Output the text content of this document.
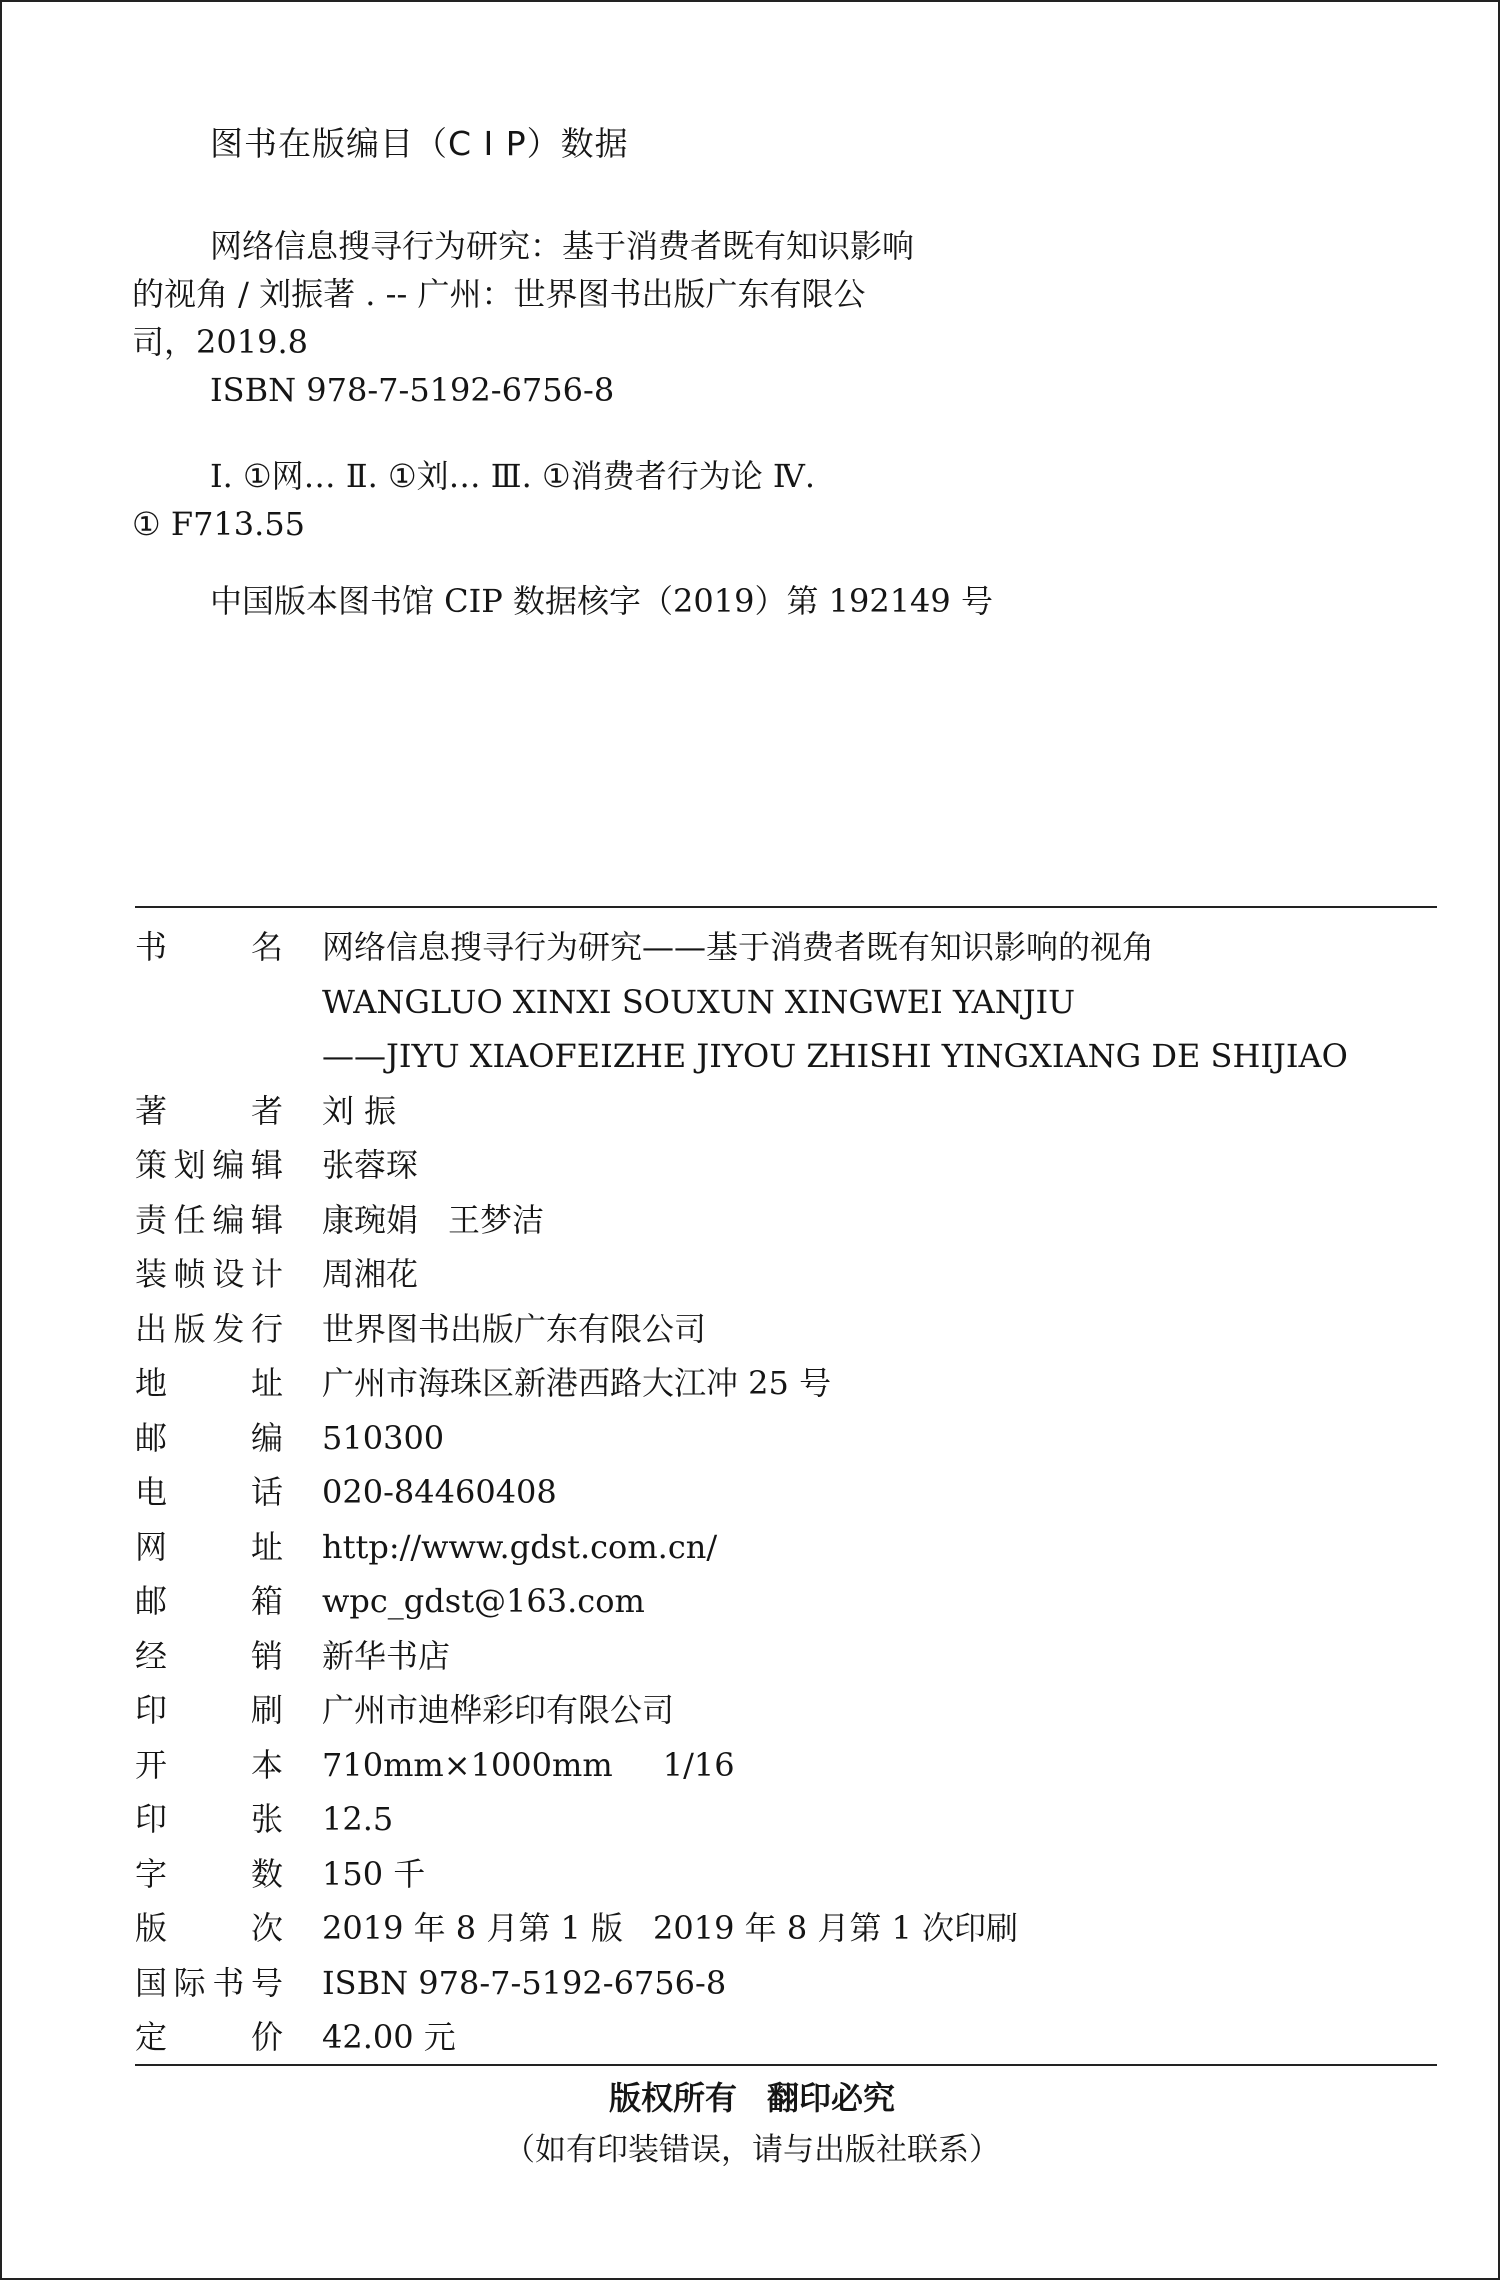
图书在版编目（C I P）数据
网络信息搜寻行为研究：基于消费者既有知识影响
的视角 / 刘振著 . -- 广州：世界图书出版广东有限公
司，2019.8
ISBN 978-7-5192-6756-8
Ⅰ. ①网… Ⅱ. ①刘… Ⅲ. ①消费者行为论 Ⅳ.
① F713.55
中国版本图书馆 CIP 数据核字（2019）第 192149 号
书名 网络信息搜寻行为研究——基于消费者既有知识影响的视角
WANGLUO XINXI SOUXUN XINGWEI YANJIU
——JIYU XIAOFEIZHE JIYOU ZHISHI YINGXIANG DE SHIJIAO
著者 刘 振
策划编辑 张蓉琛
责任编辑 康琬娟 王梦洁
装帧设计 周湘花
出版发行 世界图书出版广东有限公司
地址 广州市海珠区新港西路大江冲 25 号
邮编 510300
电话 020-84460408
网址 http://www.gdst.com.cn/
邮箱 wpc_gdst@163.com
经销 新华书店
印刷 广州市迪桦彩印有限公司
开本 710mm×1000mm 1/16
印张 12.5
字数 150 千
版次 2019 年 8 月第 1 版 2019 年 8 月第 1 次印刷
国际书号 ISBN 978-7-5192-6756-8
定价 42.00 元
版权所有 翻印必究
（如有印装错误，请与出版社联系）
